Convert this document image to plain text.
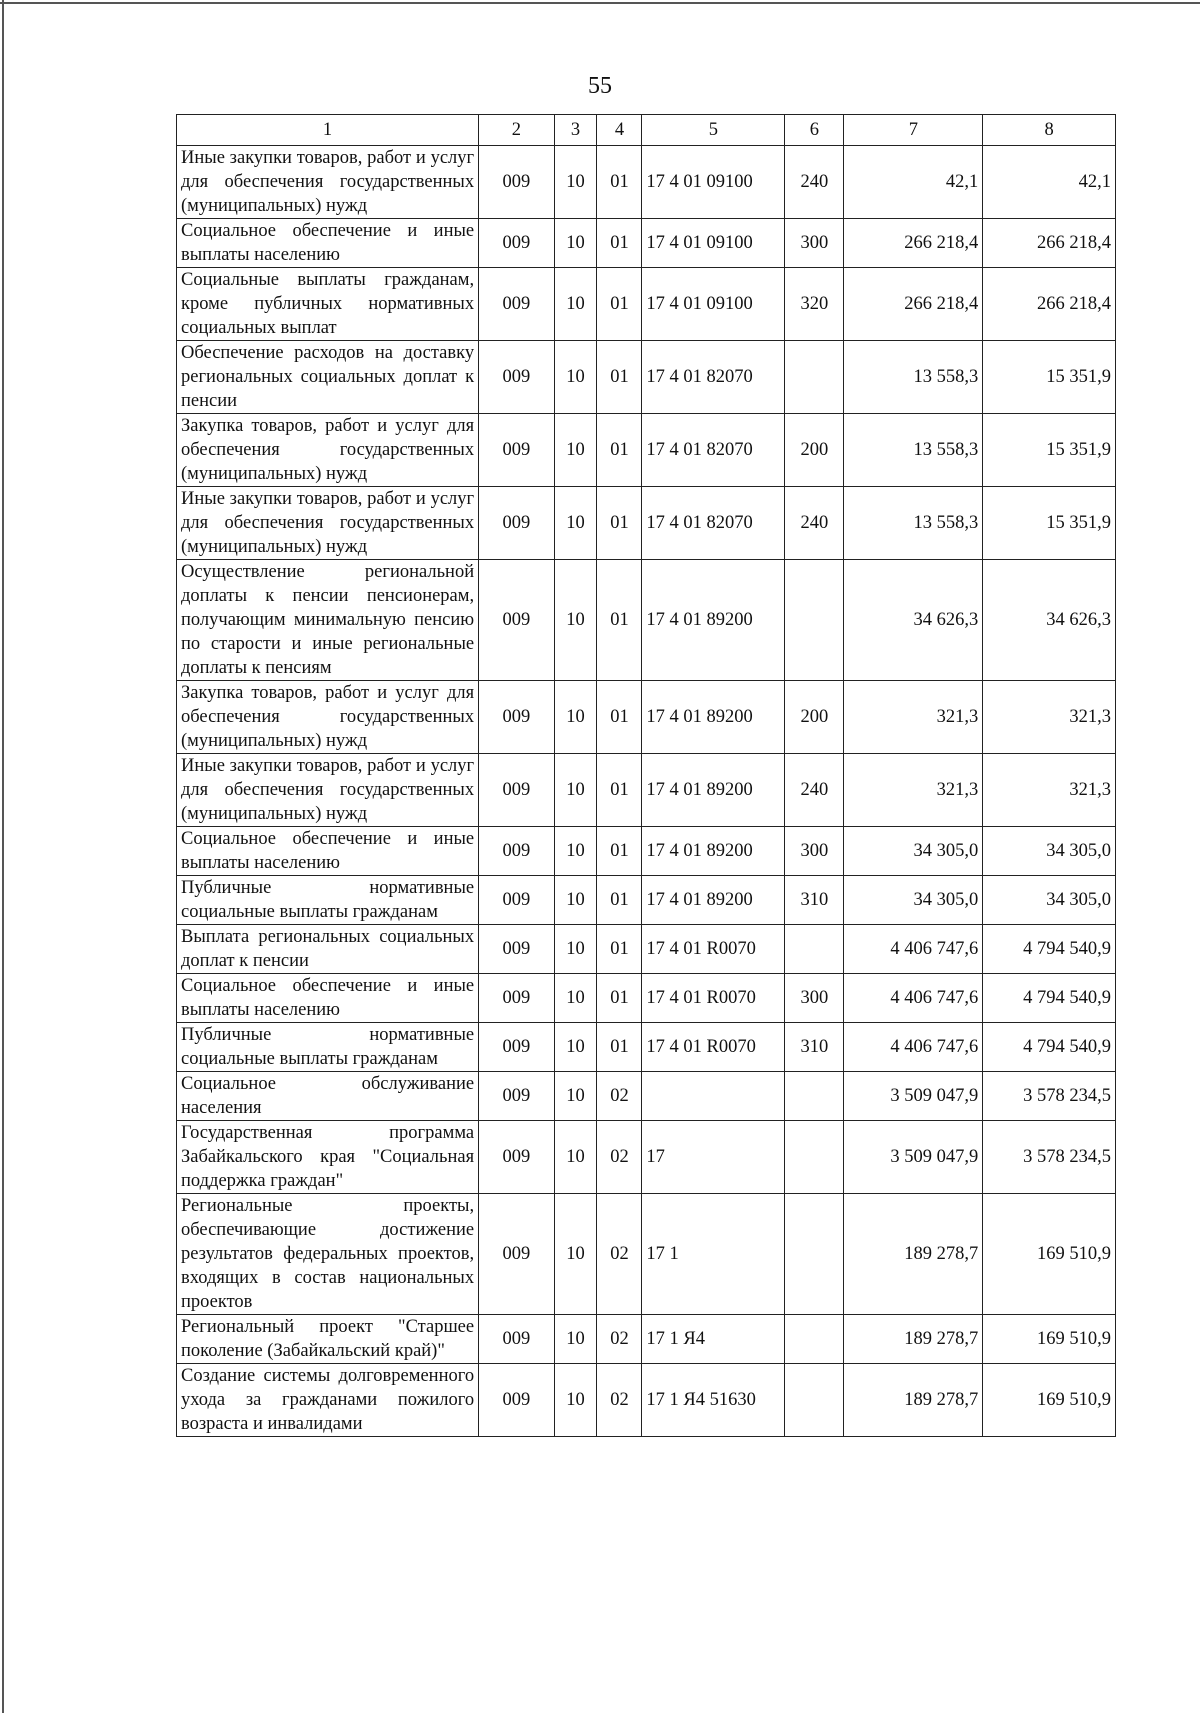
55
1	2	3	4	5	6	7	8
Иные закупки товаров, работ и услуг для обеспечения государственных (муниципальных) нужд	009	10	01	17 4 01 09100	240	42,1	42,1
Социальное обеспечение и иные выплаты населению	009	10	01	17 4 01 09100	300	266 218,4	266 218,4
Социальные выплаты гражданам, кроме публичных нормативных социальных выплат	009	10	01	17 4 01 09100	320	266 218,4	266 218,4
Обеспечение расходов на доставку региональных социальных доплат к пенсии	009	10	01	17 4 01 82070		13 558,3	15 351,9
Закупка товаров, работ и услуг для обеспечения государственных (муниципальных) нужд	009	10	01	17 4 01 82070	200	13 558,3	15 351,9
Иные закупки товаров, работ и услуг для обеспечения государственных (муниципальных) нужд	009	10	01	17 4 01 82070	240	13 558,3	15 351,9
Осуществление региональной доплаты к пенсии пенсионерам, получающим минимальную пенсию по старости и иные региональные доплаты к пенсиям	009	10	01	17 4 01 89200		34 626,3	34 626,3
Закупка товаров, работ и услуг для обеспечения государственных (муниципальных) нужд	009	10	01	17 4 01 89200	200	321,3	321,3
Иные закупки товаров, работ и услуг для обеспечения государственных (муниципальных) нужд	009	10	01	17 4 01 89200	240	321,3	321,3
Социальное обеспечение и иные выплаты населению	009	10	01	17 4 01 89200	300	34 305,0	34 305,0
Публичные нормативные социальные выплаты гражданам	009	10	01	17 4 01 89200	310	34 305,0	34 305,0
Выплата региональных социальных доплат к пенсии	009	10	01	17 4 01 R0070		4 406 747,6	4 794 540,9
Социальное обеспечение и иные выплаты населению	009	10	01	17 4 01 R0070	300	4 406 747,6	4 794 540,9
Публичные нормативные социальные выплаты гражданам	009	10	01	17 4 01 R0070	310	4 406 747,6	4 794 540,9
Социальное обслуживание населения	009	10	02			3 509 047,9	3 578 234,5
Государственная программа Забайкальского края "Социальная поддержка граждан"	009	10	02	17		3 509 047,9	3 578 234,5
Региональные проекты, обеспечивающие достижение результатов федеральных проектов, входящих в состав национальных проектов	009	10	02	17 1		189 278,7	169 510,9
Региональный проект "Старшее поколение (Забайкальский край)"	009	10	02	17 1 Я4		189 278,7	169 510,9
Создание системы долговременного ухода за гражданами пожилого возраста и инвалидами	009	10	02	17 1 Я4 51630		189 278,7	169 510,9
